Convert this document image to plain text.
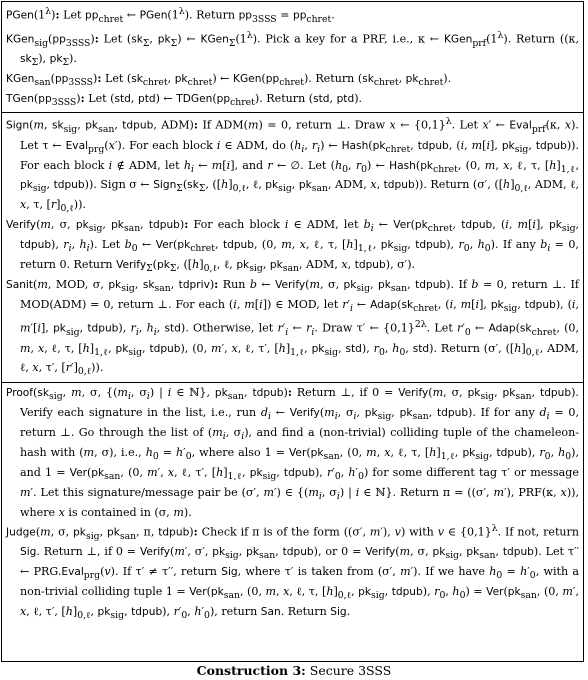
$PGen(1^\lambda)$: Let $pp_{chret}$ ← $PGen(1^\lambda)$. Return $pp_{3SSS} = pp_{chret}$.

$KGen_{sig}(pp_{3SSS})$: Let ($sk_\Sigma$, $pk_\Sigma$) ← $KGen_\Sigma(1^\lambda)$. Pick a key for a PRF, i.e., κ ← $KGen_{prf}(1^\lambda)$. Return ((κ, $sk_\Sigma$), $pk_\Sigma$).

$KGen_{san}(pp_{3SSS})$: Let ($sk_{chret}$, $pk_{chret}$) ← $KGen(pp_{chret})$. Return ($sk_{chret}$, $pk_{chret}$).

$TGen(pp_{3SSS})$: Let (std, ptd) ← $TDGen(pp_{chret})$. Return (std, ptd).

Sign(m, $sk_{sig}$, $pk_{san}$, tdpub, ADM): If ADM(m) = 0, return ⊥. Draw x ← $\{0,1\}^\lambda$. Let x′ ← Eval$_{prf}$(κ, x). Let τ ← Eval$_{prg}$(x′). For each block i ∈ ADM, do ($h_i$, $r_i$) ← $Hash(pk_{chret}$, tdpub, (i, m[i], $pk_{sig}$, tdpub)). For each block i ∉ ADM, let $h_i$ ← m[i], and r ← ∅. Let ($h_0$, $r_0$) ← $Hash(pk_{chret}$, (0, m, x, ℓ, τ, $[h]_{1,\ell}$, $pk_{sig}$, tdpub)). Sign σ ← $Sign_\Sigma(sk_\Sigma$, ($[h]_{0,\ell}$, ℓ, $pk_{sig}$, $pk_{san}$, ADM, x, tdpub)). Return (σ′, ($[h]_{0,\ell}$, ADM, ℓ, x, τ, $[r]_{0,\ell}$)).

Verify(m, σ, $pk_{sig}$, $pk_{san}$, tdpub): For each block i ∈ ADM, let $b_i$ ← $Ver(pk_{chret}$, tdpub, (i, m[i], $pk_{sig}$, tdpub), $r_i$, $h_i$). Let $b_0$ ← $Ver(pk_{chret}$, tdpub, (0, m, x, ℓ, τ, $[h]_{1,\ell}$, $pk_{sig}$, tdpub), $r_0$, $h_0$). If any $b_i = 0$, return 0. Return $Verify_\Sigma(pk_\Sigma$, ($[h]_{0,\ell}$, ℓ, $pk_{sig}$, $pk_{san}$, ADM, x, tdpub), σ′).

Sanit(m, MOD, σ, $pk_{sig}$, $sk_{san}$, tdpriv): Run b ← Verify(m, σ, $pk_{sig}$, $pk_{san}$, tdpub). If b = 0, return ⊥. If MOD(ADM) = 0, return ⊥. For each (i, m[i]) ∈ MOD, let $r'_i$ ← $Adap(sk_{chret}$, (i, m[i], $pk_{sig}$, tdpub), (i, m′[i], $pk_{sig}$, tdpub), $r_i$, $h_i$, std). Otherwise, let $r'_i$ ← $r_i$. Draw τ′ ← $\{0,1\}^{2\lambda}$. Let $r'_0$ ← $Adap(sk_{chret}$, (0, m, x, ℓ, τ, $[h]_{1,\ell}$, $pk_{sig}$, tdpub), (0, m′, x, ℓ, τ′, $[h]_{1,\ell}$, $pk_{sig}$, std), $r_0$, $h_0$, std). Return (σ′, ($[h]_{0,\ell}$, ADM, ℓ, x, τ′, $[r']_{0,\ell}$)).

$Proof(sk_{sig}$, m, σ, {($m_i$, $\sigma_i$) | i ∈ ℕ}, $pk_{san}$, tdpub): Return ⊥, if 0 = Verify(m, σ, $pk_{sig}$, $pk_{san}$, tdpub). Verify each signature in the list, i.e., run $d_i$ ← $Verify(m_i$, $\sigma_i$, $pk_{sig}$, $pk_{san}$, tdpub). If for any $d_i = 0$, return ⊥. Go through the list of ($m_i$, $\sigma_i$), and find a (non-trivial) colliding tuple of the chameleon-hash with (m, σ), i.e., $h_0 = h'_0$, where also $1 = Ver(pk_{san}$, (0, m, x, ℓ, τ, $[h]_{1,\ell}$, $pk_{sig}$, tdpub), $r_0$, $h_0$), and $1 = Ver(pk_{san}$, (0, m′, x, ℓ, τ′, $[h]_{1,\ell}$, $pk_{sig}$, tdpub), $r'_0$, $h'_0$) for some different tag τ′ or message m′. Let this signature/message pair be (σ′, m′) ∈ {($m_i$, $\sigma_i$) | i ∈ ℕ}. Return π = ((σ′, m′), PRF(κ, x)), where x is contained in (σ, m).

Judge(m, σ, $pk_{sig}$, $pk_{san}$, π, tdpub): Check if π is of the form ((σ′, m′), v) with v ∈ $\{0,1\}^\lambda$. If not, return Sig. Return ⊥, if 0 = Verify(m′, σ′, $pk_{sig}$, $pk_{san}$, tdpub), or 0 = Verify(m, σ, $pk_{sig}$, $pk_{san}$, tdpub). Let τ′′ ← PRG.Eval$_{prg}$(v). If τ′ ≠ τ′′, return Sig, where τ′ is taken from (σ′, m′). If we have $h_0 = h'_0$, with a non-trivial colliding tuple $1 = Ver(pk_{san}$, (0, m, x, ℓ, τ, $[h]_{0,\ell}$, $pk_{sig}$, tdpub), $r_0$, $h_0) = Ver(pk_{san}$, (0, m′, x, ℓ, τ′, $[h]_{0,\ell}$, $pk_{sig}$, tdpub), $r'_0$, $h'_0$), return San. Return Sig.

Construction 3: Secure 3SSS
